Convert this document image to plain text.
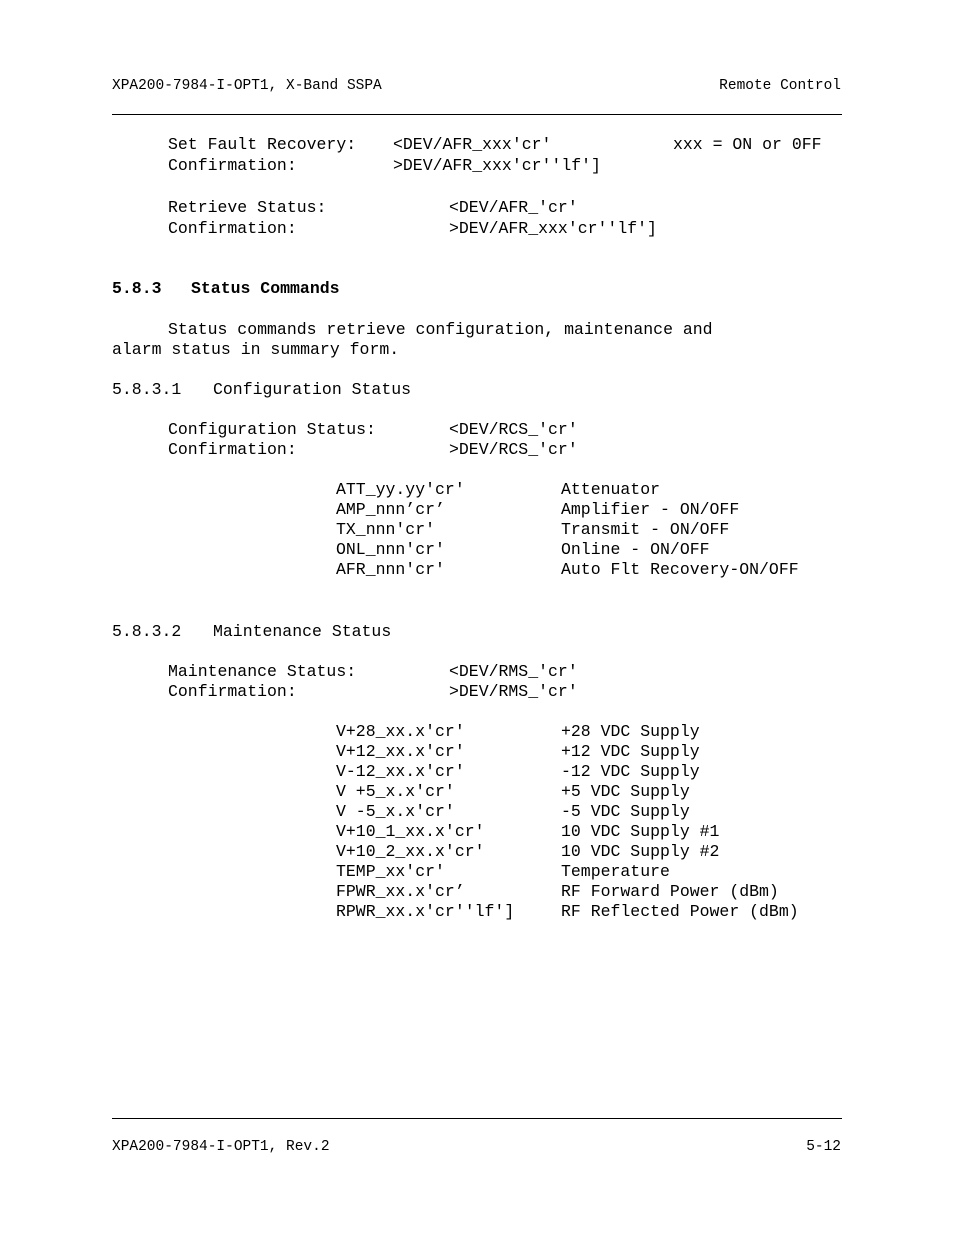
XPA200-7984-I-OPT1, X-Band SSPA	Remote Control
Set Fault Recovery: <DEV/AFR_xxx'cr'	xxx = ON or 0FF
Confirmation:	>DEV/AFR_xxx'cr''lf']
Retrieve Status:	<DEV/AFR_'cr'
Confirmation:	>DEV/AFR_xxx'cr''lf']
5.8.3 Status Commands
Status commands retrieve configuration, maintenance and
alarm status in summary form.
5.8.3.1 Configuration Status
Configuration Status:	<DEV/RCS_'cr'
Confirmation:	>DEV/RCS_'cr'
ATT_yy.yy'cr'	Attenuator
AMP_nnn’cr’	Amplifier - ON/OFF
TX_nnn'cr'	Transmit - ON/OFF
ONL_nnn'cr'	Online - ON/OFF
AFR_nnn'cr'	Auto Flt Recovery-ON/OFF
5.8.3.2 Maintenance Status
Maintenance Status:	<DEV/RMS_'cr'
Confirmation:	>DEV/RMS_'cr'
V+28_xx.x'cr'	+28 VDC Supply
V+12_xx.x'cr'	+12 VDC Supply
V-12_xx.x'cr'	-12 VDC Supply
V +5_x.x'cr'	+5 VDC Supply
V -5_x.x'cr'	-5 VDC Supply
V+10_1_xx.x'cr'	10 VDC Supply #1
V+10_2_xx.x'cr'	10 VDC Supply #2
TEMP_xx'cr'	Temperature
FPWR_xx.x'cr’	RF Forward Power (dBm)
RPWR_xx.x'cr''lf']	RF Reflected Power (dBm)
XPA200-7984-I-OPT1, Rev.2	5-12
